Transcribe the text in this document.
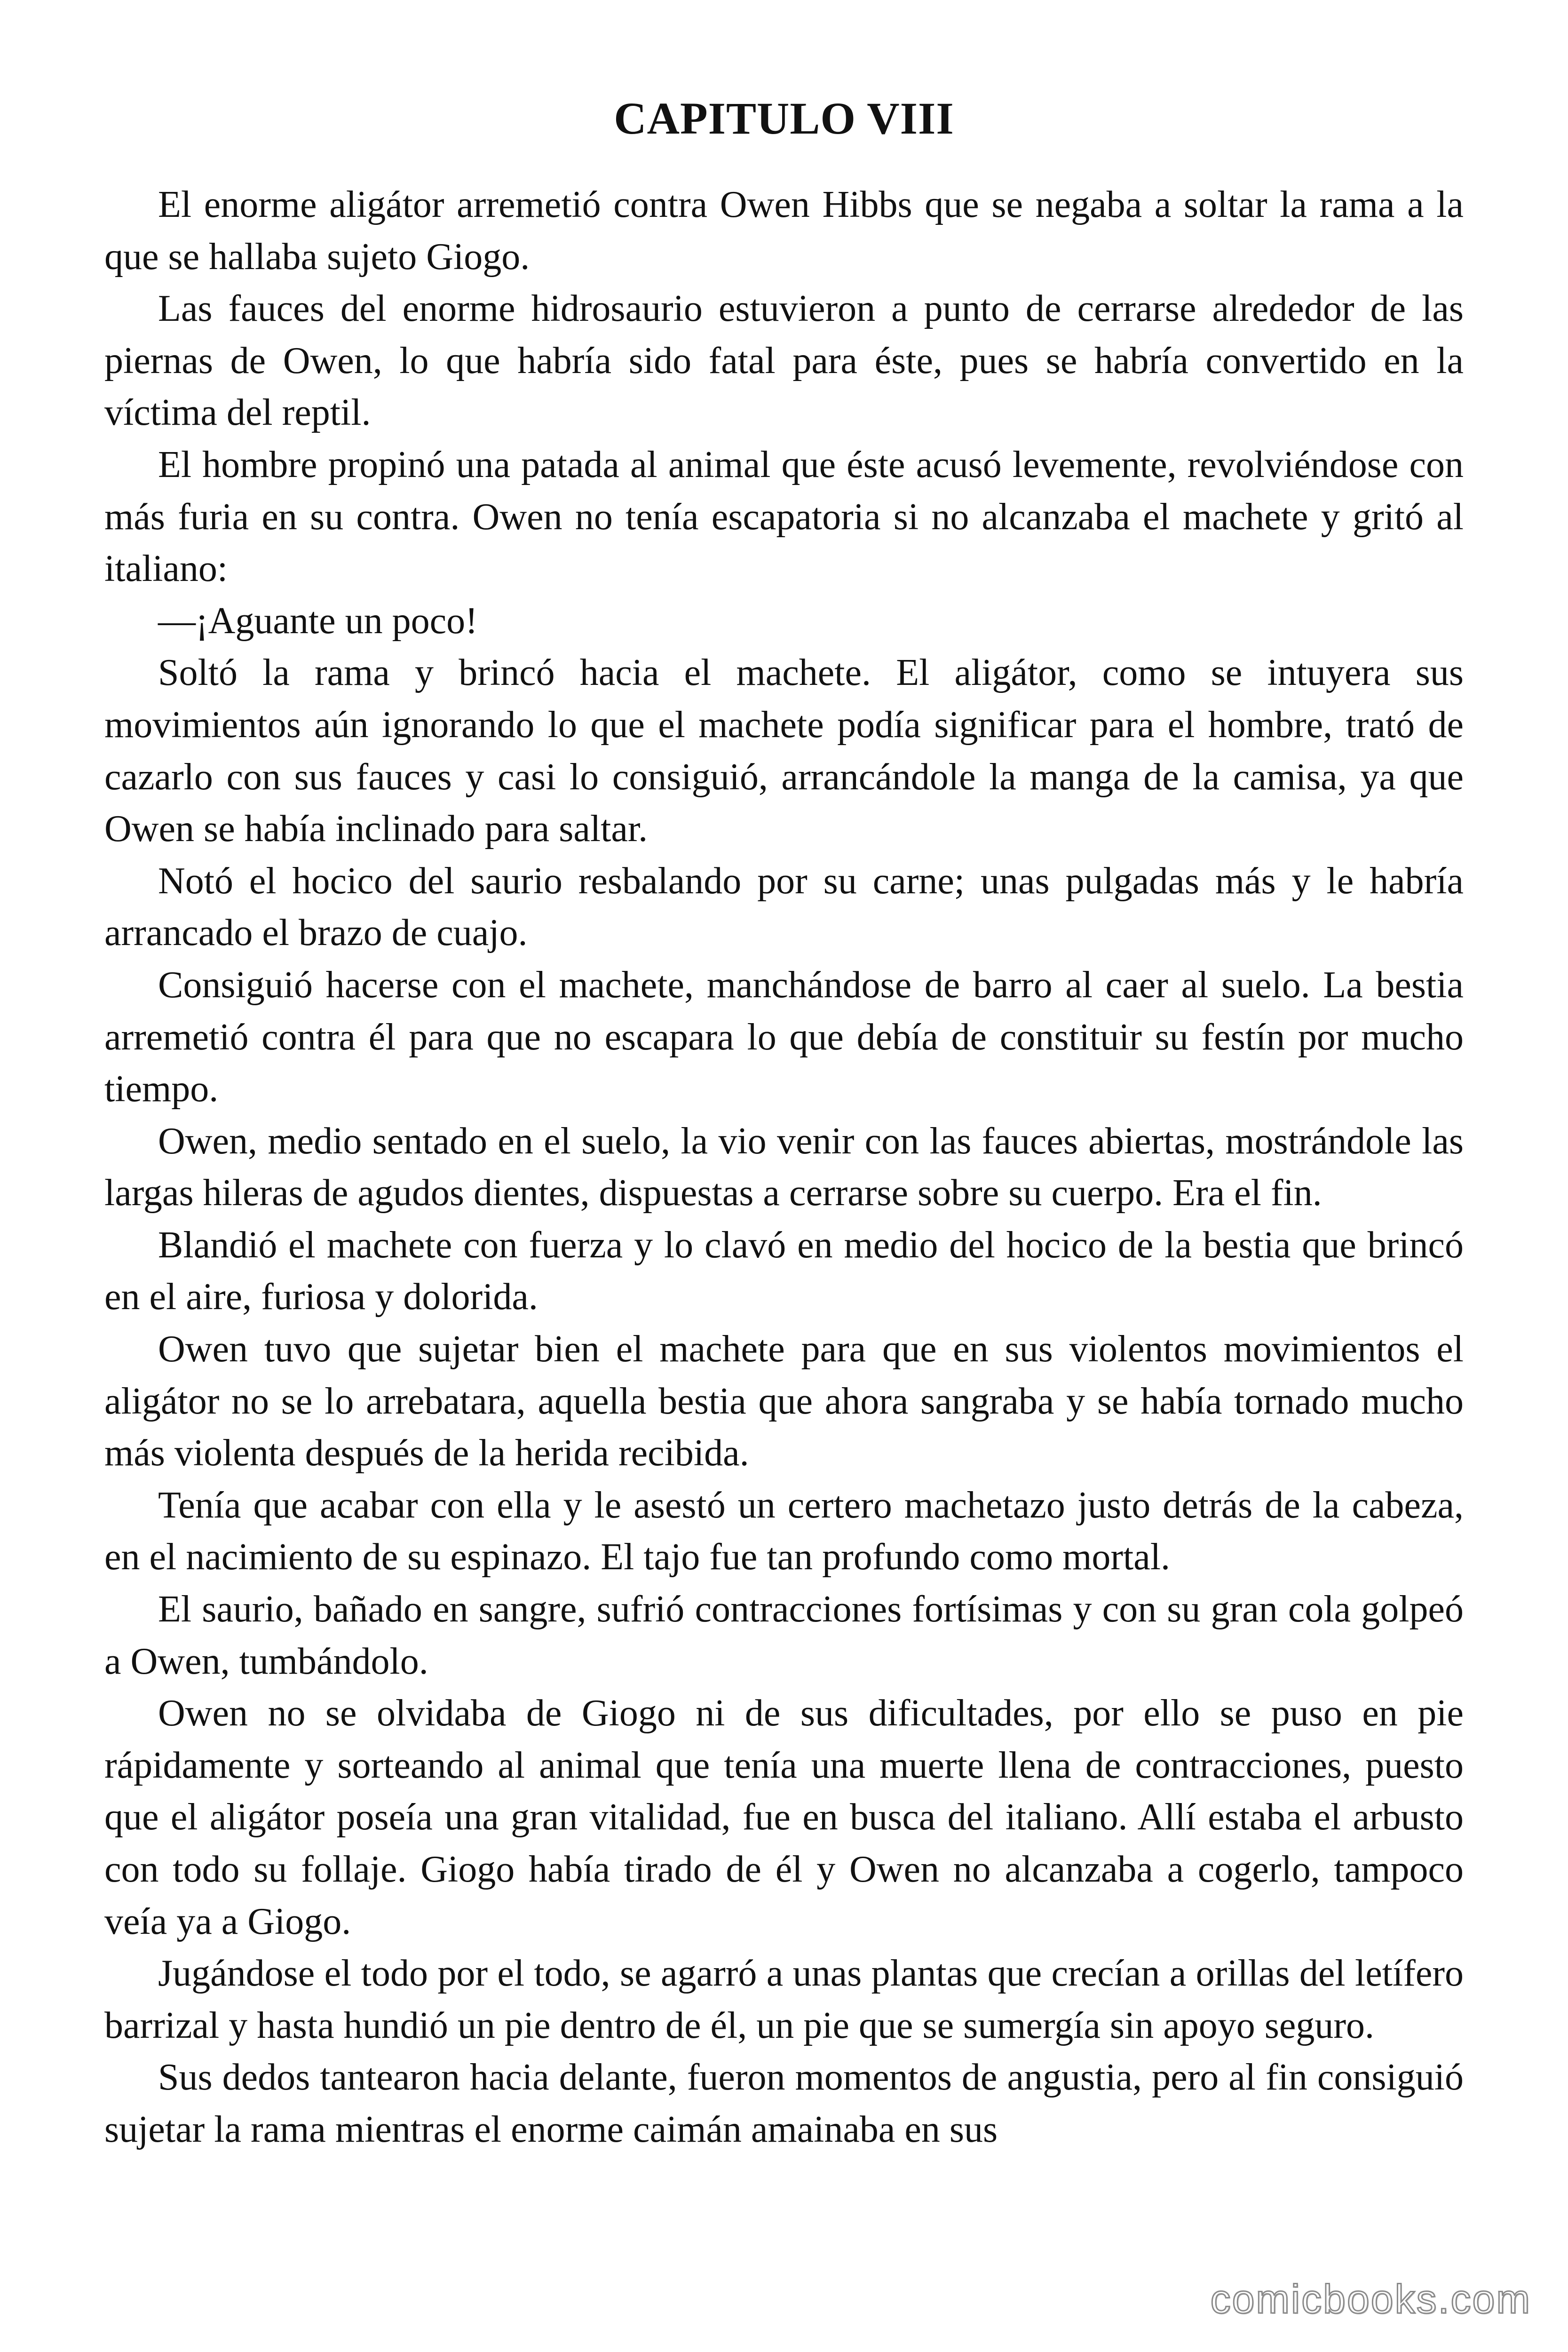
CAPITULO VIII

El enorme aligátor arremetió contra Owen Hibbs que se negaba a soltar la rama a la que se hallaba sujeto Giogo.

Las fauces del enorme hidrosaurio estuvieron a punto de cerrarse alrededor de las piernas de Owen, lo que habría sido fatal para éste, pues se habría convertido en la víctima del reptil.

El hombre propinó una patada al animal que éste acusó levemente, revolviéndose con más furia en su contra. Owen no tenía escapatoria si no alcanzaba el machete y gritó al italiano:

—¡Aguante un poco!

Soltó la rama y brincó hacia el machete. El aligátor, como se intuyera sus movimientos aún ignorando lo que el machete podía significar para el hombre, trató de cazarlo con sus fauces y casi lo consiguió, arrancándole la manga de la camisa, ya que Owen se había inclinado para saltar.

Notó el hocico del saurio resbalando por su carne; unas pulgadas más y le habría arrancado el brazo de cuajo.

Consiguió hacerse con el machete, manchándose de barro al caer al suelo. La bestia arremetió contra él para que no escapara lo que debía de constituir su festín por mucho tiempo.

Owen, medio sentado en el suelo, la vio venir con las fauces abiertas, mostrándole las largas hileras de agudos dientes, dispuestas a cerrarse sobre su cuerpo. Era el fin.

Blandió el machete con fuerza y lo clavó en medio del hocico de la bestia que brincó en el aire, furiosa y dolorida.

Owen tuvo que sujetar bien el machete para que en sus violentos movimientos el aligátor no se lo arrebatara, aquella bestia que ahora sangraba y se había tornado mucho más violenta después de la herida recibida.

Tenía que acabar con ella y le asestó un certero machetazo justo detrás de la cabeza, en el nacimiento de su espinazo. El tajo fue tan profundo como mortal.

El saurio, bañado en sangre, sufrió contracciones fortísimas y con su gran cola golpeó a Owen, tumbándolo.

Owen no se olvidaba de Giogo ni de sus dificultades, por ello se puso en pie rápidamente y sorteando al animal que tenía una muerte llena de contracciones, puesto que el aligátor poseía una gran vitalidad, fue en busca del italiano. Allí estaba el arbusto con todo su follaje. Giogo había tirado de él y Owen no alcanzaba a cogerlo, tampoco veía ya a Giogo.

Jugándose el todo por el todo, se agarró a unas plantas que crecían a orillas del letífero barrizal y hasta hundió un pie dentro de él, un pie que se sumergía sin apoyo seguro.

Sus dedos tantearon hacia delante, fueron momentos de angustia, pero al fin consiguió sujetar la rama mientras el enorme caimán amainaba en sus

comicbooks.com
